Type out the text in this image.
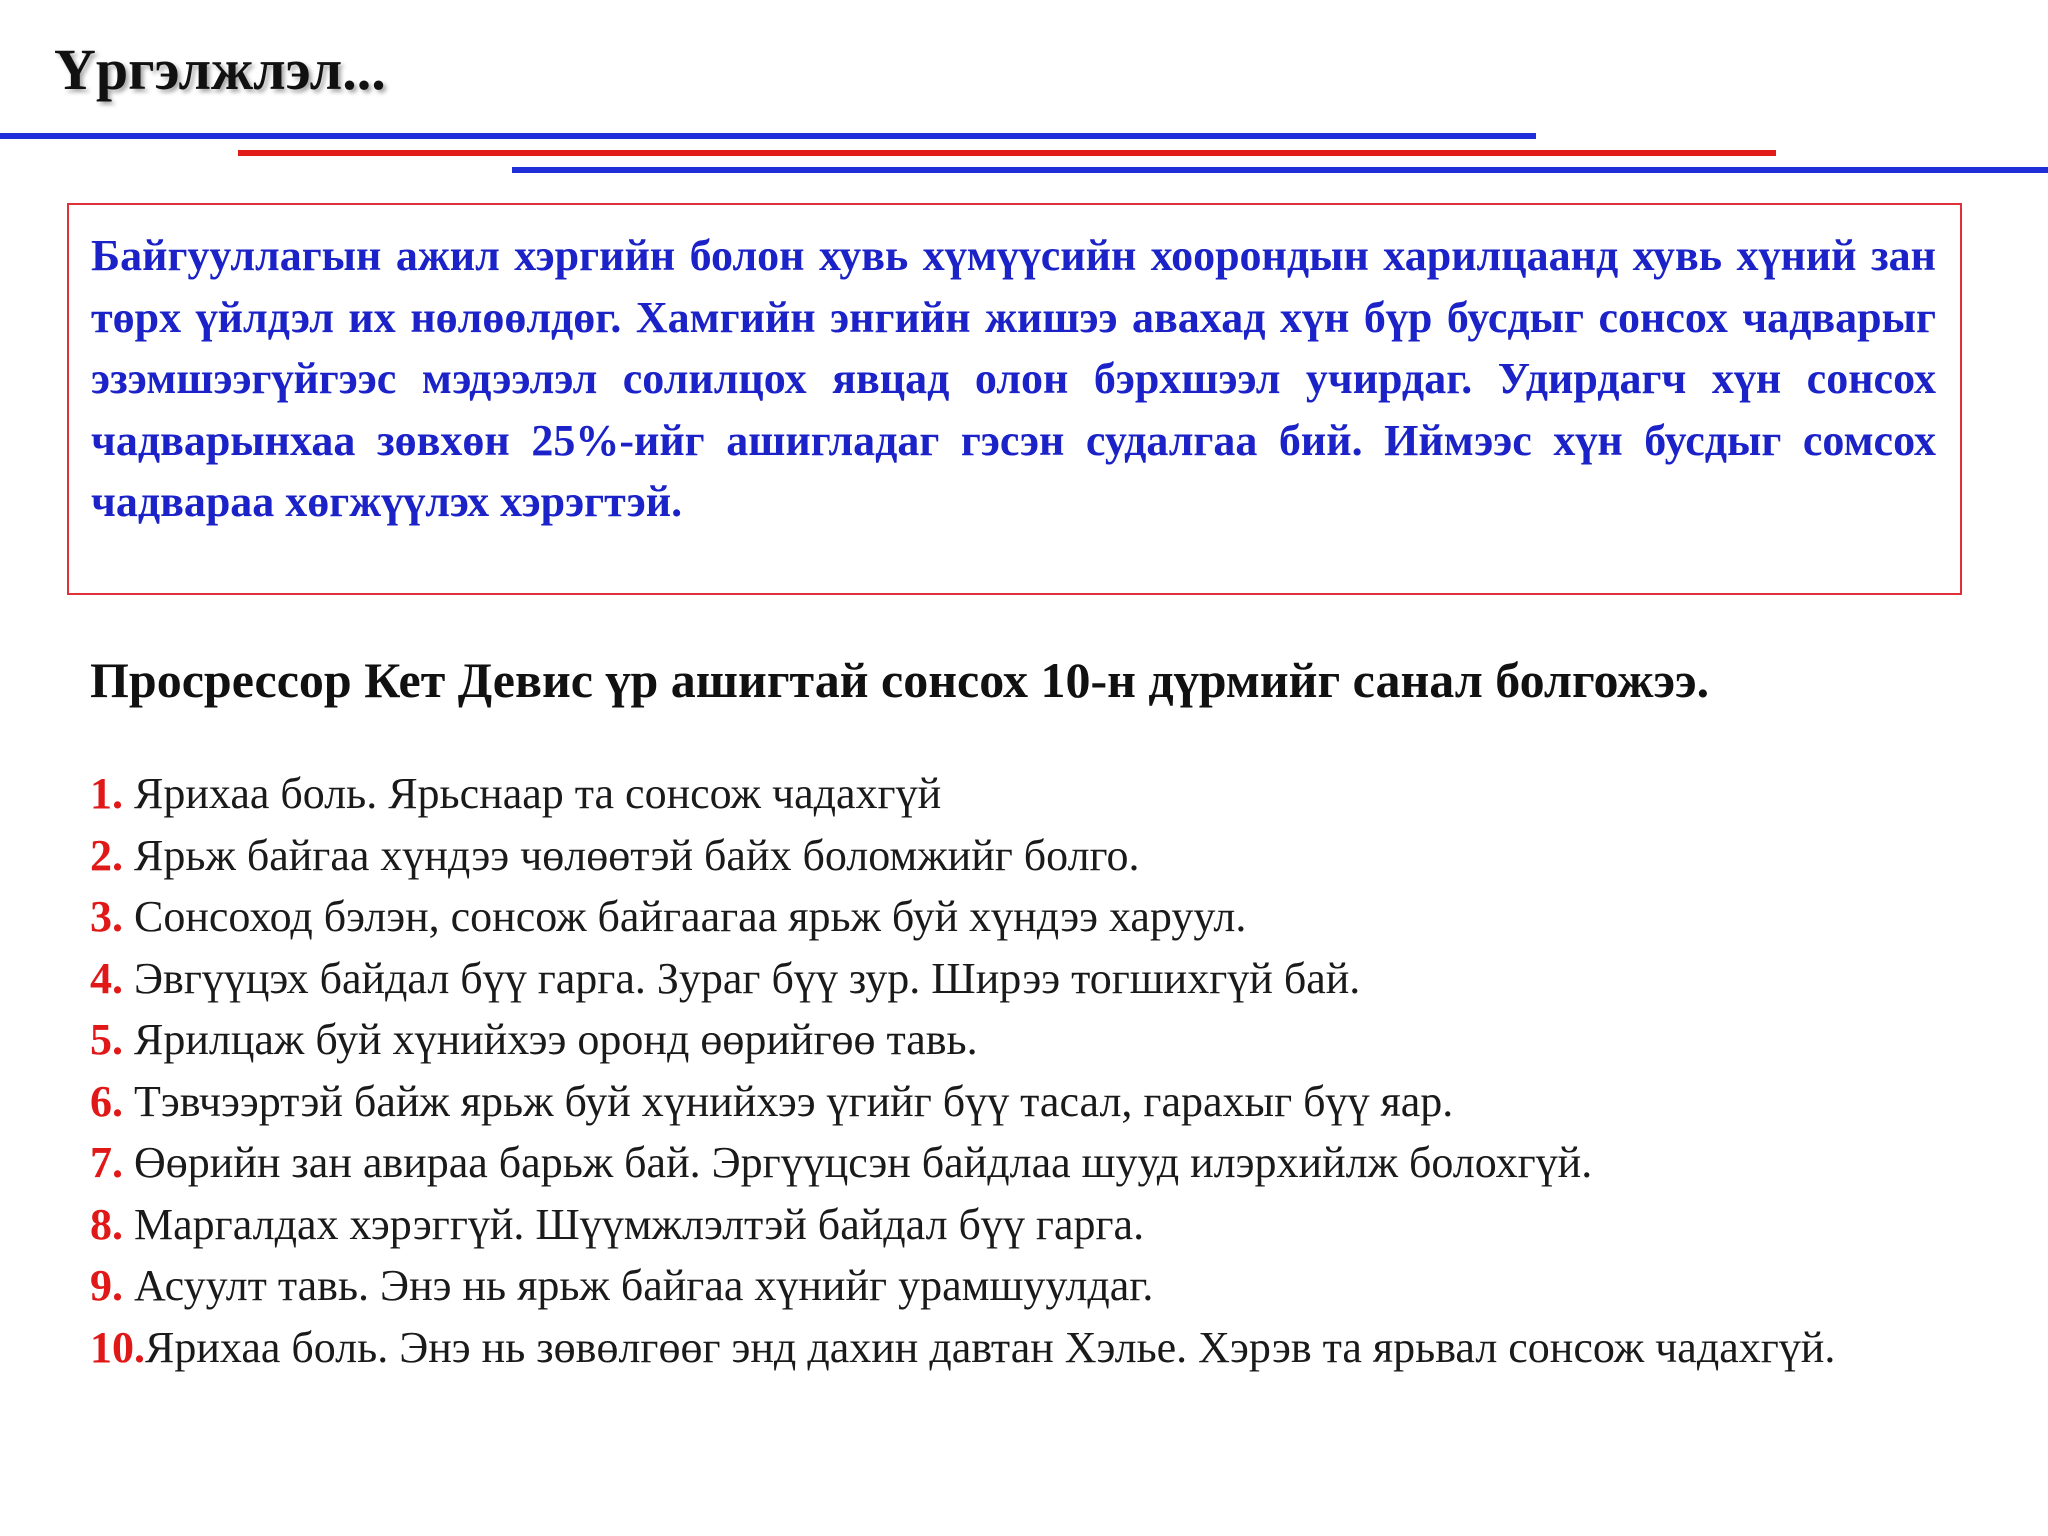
Үргэлжлэл...

Байгууллагын ажил хэргийн болон хувь хүмүүсийн хоорондын харилцаанд хувь хүний зан төрх үйлдэл их нөлөөлдөг. Хамгийн энгийн жишээ авахад хүн бүр бусдыг сонсох чадварыг эзэмшээгүйгээс мэдээлэл солилцох явцад олон бэрхшээл учирдаг. Удирдагч хүн сонсох чадварынхаа зөвхөн 25%-ийг ашигладаг гэсэн судалгаа бий. Иймээс хүн бусдыг сомсох чадвараа хөгжүүлэх хэрэгтэй.

Просрессор Кет Девис үр ашигтай сонсох 10-н дүрмийг санал болгожээ.
1. Ярихаа боль. Ярьснаар та сонсож чадахгүй
2. Ярьж байгаа хүндээ чөлөөтэй байх боломжийг болго.
3. Сонсоход бэлэн, сонсож байгаагаа ярьж буй хүндээ харуул.
4. Эвгүүцэх байдал бүү гарга. Зураг бүү зур. Ширээ тогшихгүй бай.
5. Ярилцаж буй хүнийхээ оронд өөрийгөө тавь.
6. Тэвчээртэй байж ярьж буй хүнийхээ үгийг бүү тасал, гарахыг бүү яар.
7. Өөрийн зан авираа барьж бай. Эргүүцсэн байдлаа шууд илэрхийлж болохгүй.
8. Маргалдах хэрэггүй. Шүүмжлэлтэй байдал бүү гарга.
9. Асуулт тавь. Энэ нь ярьж байгаа хүнийг урамшуулдаг.
10.Ярихаа боль. Энэ нь зөвөлгөөг энд дахин давтан Хэлье. Хэрэв та ярьвал сонсож чадахгүй.
